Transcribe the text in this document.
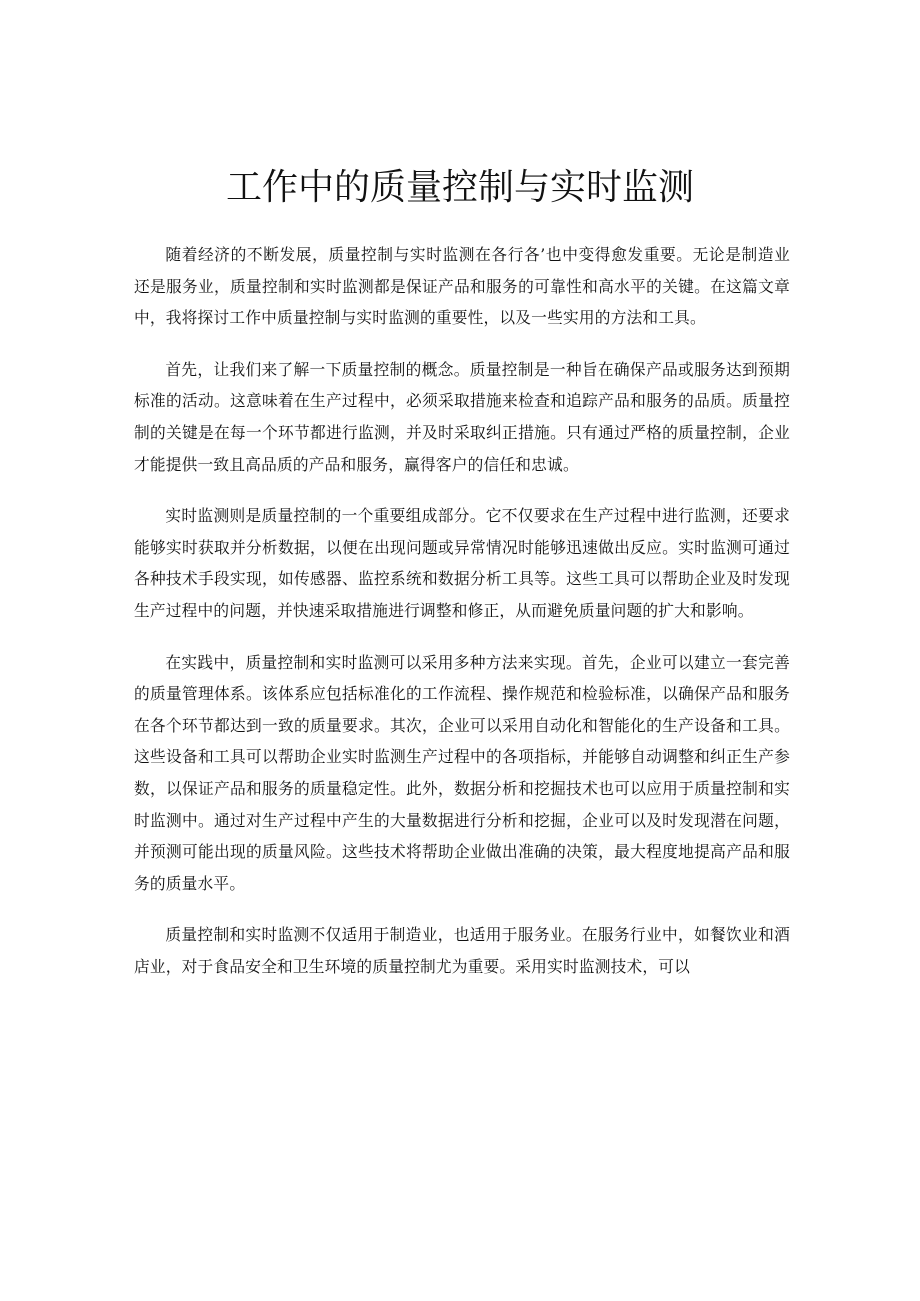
工作中的质量控制与实时监测

随着经济的不断发展，质量控制与实时监测在各行各’也中变得愈发重要。无论是制造业还是服务业，质量控制和实时监测都是保证产品和服务的可靠性和高水平的关键。在这篇文章中，我将探讨工作中质量控制与实时监测的重要性，以及一些实用的方法和工具。

首先，让我们来了解一下质量控制的概念。质量控制是一种旨在确保产品或服务达到预期标准的活动。这意味着在生产过程中，必须采取措施来检查和追踪产品和服务的品质。质量控制的关键是在每一个环节都进行监测，并及时采取纠正措施。只有通过严格的质量控制，企业才能提供一致且高品质的产品和服务，赢得客户的信任和忠诚。

实时监测则是质量控制的一个重要组成部分。它不仅要求在生产过程中进行监测，还要求能够实时获取并分析数据，以便在出现问题或异常情况时能够迅速做出反应。实时监测可通过各种技术手段实现，如传感器、监控系统和数据分析工具等。这些工具可以帮助企业及时发现生产过程中的问题，并快速采取措施进行调整和修正，从而避免质量问题的扩大和影响。

在实践中，质量控制和实时监测可以采用多种方法来实现。首先，企业可以建立一套完善的质量管理体系。该体系应包括标准化的工作流程、操作规范和检验标准，以确保产品和服务在各个环节都达到一致的质量要求。其次，企业可以采用自动化和智能化的生产设备和工具。这些设备和工具可以帮助企业实时监测生产过程中的各项指标，并能够自动调整和纠正生产参数，以保证产品和服务的质量稳定性。此外，数据分析和挖掘技术也可以应用于质量控制和实时监测中。通过对生产过程中产生的大量数据进行分析和挖掘，企业可以及时发现潜在问题，并预测可能出现的质量风险。这些技术将帮助企业做出准确的决策，最大程度地提高产品和服务的质量水平。

质量控制和实时监测不仅适用于制造业，也适用于服务业。在服务行业中，如餐饮业和酒店业，对于食品安全和卫生环境的质量控制尤为重要。采用实时监测技术，可以
